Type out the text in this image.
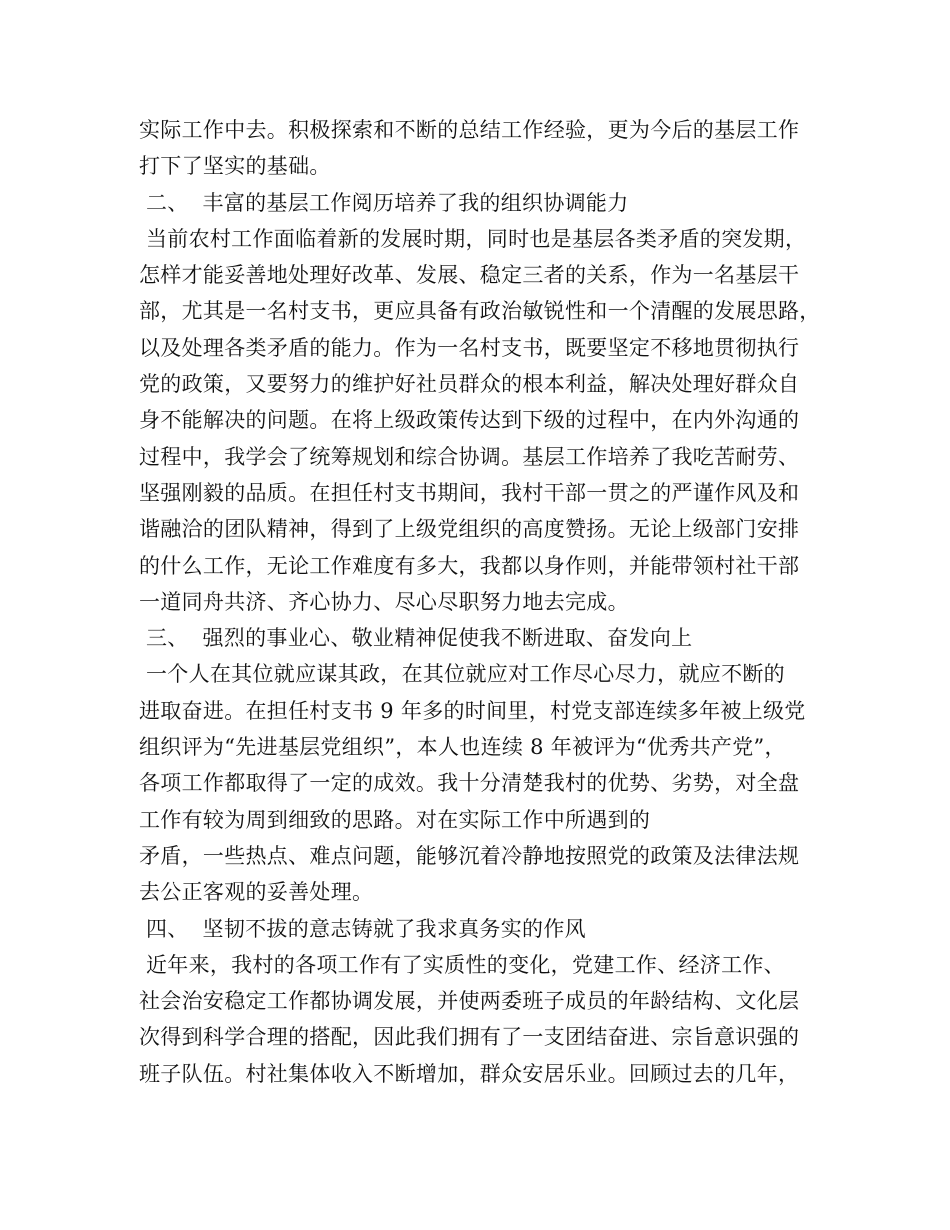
实际工作中去。积极探索和不断的总结工作经验，更为今后的基层工作
打下了坚实的基础。
二、  丰富的基层工作阅历培养了我的组织协调能力
当前农村工作面临着新的发展时期，同时也是基层各类矛盾的突发期，
怎样才能妥善地处理好改革、发展、稳定三者的关系，作为一名基层干
部，尤其是一名村支书，更应具备有政治敏锐性和一个清醒的发展思路，
以及处理各类矛盾的能力。作为一名村支书，既要坚定不移地贯彻执行
党的政策，又要努力的维护好社员群众的根本利益，解决处理好群众自
身不能解决的问题。在将上级政策传达到下级的过程中，在内外沟通的
过程中，我学会了统筹规划和综合协调。基层工作培养了我吃苦耐劳、
坚强刚毅的品质。在担任村支书期间，我村干部一贯之的严谨作风及和
谐融洽的团队精神，得到了上级党组织的高度赞扬。无论上级部门安排
的什么工作，无论工作难度有多大，我都以身作则，并能带领村社干部
一道同舟共济、齐心协力、尽心尽职努力地去完成。
三、  强烈的事业心、敬业精神促使我不断进取、奋发向上
一个人在其位就应谋其政，在其位就应对工作尽心尽力，就应不断的
进取奋进。在担任村支书 9 年多的时间里，村党支部连续多年被上级党
组织评为“先进基层党组织”，本人也连续 8 年被评为“优秀共产党”，
各项工作都取得了一定的成效。我十分清楚我村的优势、劣势，对全盘
工作有较为周到细致的思路。对在实际工作中所遇到的
矛盾，一些热点、难点问题，能够沉着冷静地按照党的政策及法律法规
去公正客观的妥善处理。
四、  坚韧不拔的意志铸就了我求真务实的作风
近年来，我村的各项工作有了实质性的变化，党建工作、经济工作、
社会治安稳定工作都协调发展，并使两委班子成员的年龄结构、文化层
次得到科学合理的搭配，因此我们拥有了一支团结奋进、宗旨意识强的
班子队伍。村社集体收入不断增加，群众安居乐业。回顾过去的几年，
